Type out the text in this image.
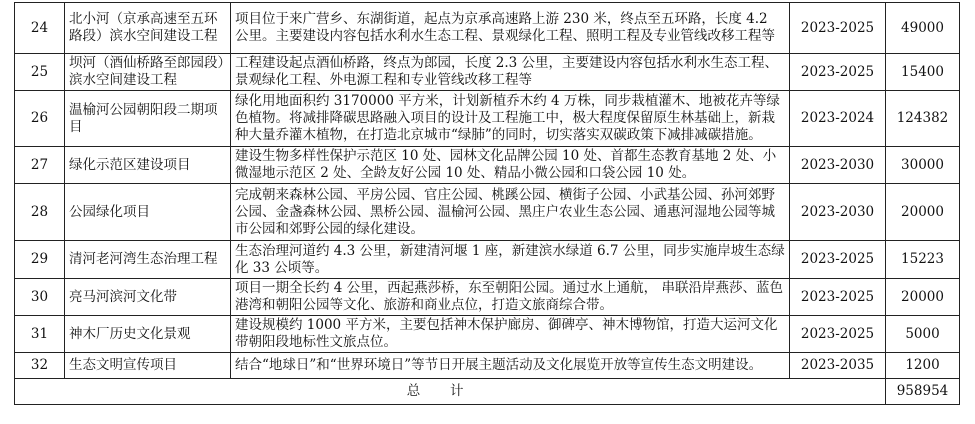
24	北小河（京承高速至五环路段）滨水空间建设工程	项目位于来广营乡、东湖街道，起点为京承高速路上游 230 米，终点至五环路，长度 4.2 公里。主要建设内容包括水利水生态工程、景观绿化工程、照明工程及专业管线改移工程等	2023-2025	49000
25	坝河（酒仙桥路至郎园段）滨水空间建设工程	工程建设起点酒仙桥路，终点为郎园，长度 2.3 公里，主要建设内容包括水利水生态工程、景观绿化工程、外电源工程和专业管线改移工程等	2023-2025	15400
26	温榆河公园朝阳段二期项目	绿化用地面积约 3170000 平方米，计划新植乔木约 4 万株，同步栽植灌木、地被花卉等绿色植物。将减排降碳思路融入项目的设计及工程施工中，极大程度保留原生林基础上，新栽种大量乔灌木植物，在打造北京城市“绿肺”的同时，切实落实双碳政策下减排减碳措施。	2023-2024	124382
27	绿化示范区建设项目	建设生物多样性保护示范区 10 处、园林文化品牌公园 10 处、首都生态教育基地 2 处、小微湿地示范区 2 处、全龄友好公园 10 处、精品小微公园和口袋公园 10 处。	2023-2030	30000
28	公园绿化项目	完成朝来森林公园、平房公园、官庄公园、桃蹊公园、横街子公园、小武基公园、孙河郊野公园、金盏森林公园、黑桥公园、温榆河公园、黑庄户农业生态公园、通惠河湿地公园等城市公园和郊野公园的绿化建设。	2023-2030	20000
29	清河老河湾生态治理工程	生态治理河道约 4.3 公里，新建清河堰 1 座，新建滨水绿道 6.7 公里，同步实施岸坡生态绿化 33 公顷等。	2023-2025	15223
30	亮马河滨河文化带	项目一期全长约 4 公里，西起燕莎桥，东至朝阳公园。通过水上通航， 串联沿岸燕莎、蓝色港湾和朝阳公园等文化、旅游和商业点位，打造文旅商综合带。	2023-2025	20000
31	神木厂历史文化景观	建设规模约 1000 平方米，主要包括神木保护廊房、御碑亭、神木博物馆，打造大运河文化带朝阳段地标性文旅点位。	2023-2025	5000
32	生态文明宣传项目	结合“地球日”和“世界环境日”等节日开展主题活动及文化展览开放等宣传生态文明建设。	2023-2035	1200
总计				958954
